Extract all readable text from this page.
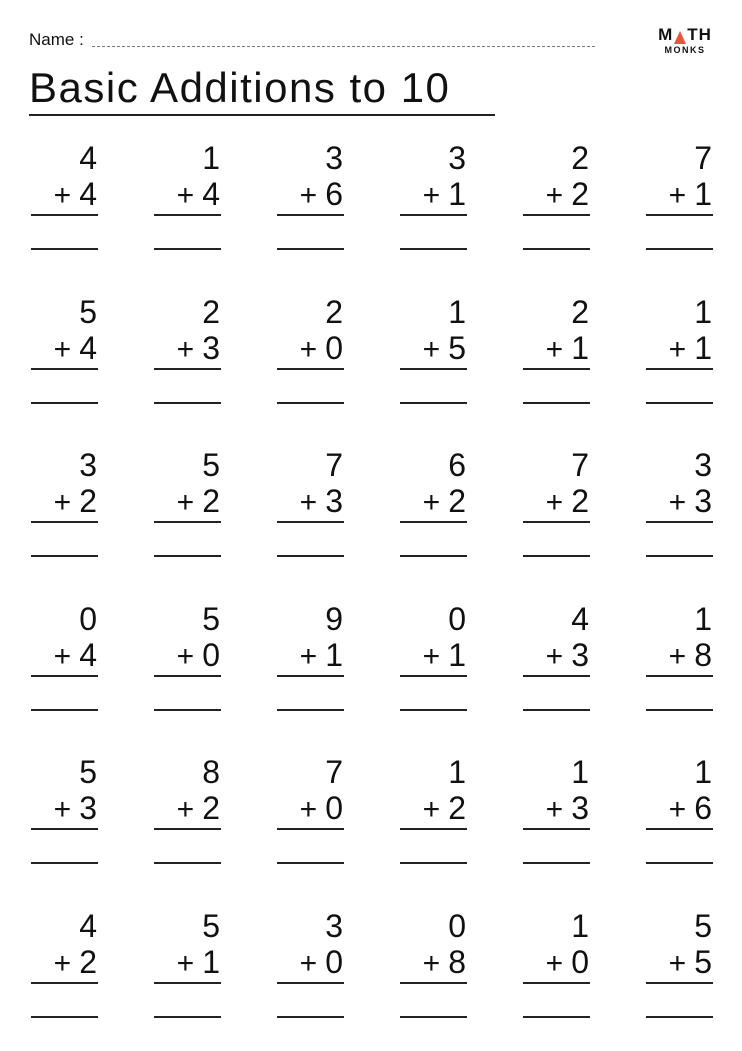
Name :	M TH
MONKS
Basic Additions to 10
4
+ 4
1
+ 4
3
+ 6
3
+ 1
2
+ 2
7
+ 1
5
+ 4
2
+ 3
2
+ 0
1
+ 5
2
+ 1
1
+ 1
3
+ 2
5
+ 2
7
+ 3
6
+ 2
7
+ 2
3
+ 3
0
+ 4
5
+ 0
9
+ 1
0
+ 1
4
+ 3
1
+ 8
5
+ 3
8
+ 2
7
+ 0
1
+ 2
1
+ 3
1
+ 6
4
+ 2
5
+ 1
3
+ 0
0
+ 8
1
+ 0
5
+ 5
